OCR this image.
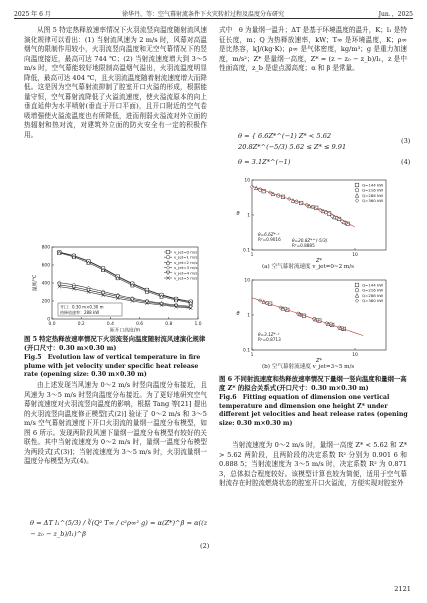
2025 年 6 月	徐华丹，等：空气幕射流条件下火灾转折过程及温度分布研究	Jun．，2025

从图 5 特定热释放速率情况下火羽流竖向温度随射流风速演化规律可以看出：(1) 当射流风速为 2 m/s 时，风幕对高温烟气的限制作用较小，火羽流竖向温度和无空气幕情况下的竖向温度接近，最高可达 744 ℃；(2) 当射流速度增大到 3～5 m/s 时，空气幕能较好地限制高温烟气溢出，火羽流温度明显降低，最高可达 404 ℃，且火羽流温度随着射流速度增大而降低。这是因为空气幕射流抑制了腔室开口火溢的形成，根据能量守恒，空气幕射流降低了火溢流速度，使火溢流原本的向上垂直延伸为水平喷射(垂直于开口平面)，且开口附近的空气卷吸增强使火溢流温度也有所降低，进而削弱火溢流对外立面的热辐射和热对流，对建筑外立面的防火安全有一定的积极作用。

0
200
400
600
800
0.0	0.2	0.4	0.6	0.8	1.0
温度/℃
距开口高度/m
v_jet=0 m/s
v_jet=1 m/s
v_jet=2 m/s
v_jet=3 m/s
v_jet=4 m/s
v_jet=5 m/s
开口：0.30 m×0.30 m
热释放速率：288 kW
图 5 特定热释放速率情况下火羽流竖向温度随射流风速演化规律(开口尺寸：0.30 m×0.30 m)
Fig.5　Evolution law of vertical temperature in fire plume with jet velocity under specific heat release rate (opening size: 0.30 m×0.30 m)

由上述发现当风速为 0～2 m/s 时竖向温度分布接近，且风速为 3～5 m/s 时竖向温度分布接近。为了更好地研究空气幕射流速度对火羽流竖向温度的影响，根据 Tang 等[21] 提出的火羽流竖向温度修正模型[式(2)] 验证了 0～2 m/s 和 3～5 m/s 空气幕射流速度下开口火羽流的量纲一温度分布模型，如图 6 所示。发现两阶段风速下量纲一温度分布模型有较好的关联性。其中当射流速度为 0～2 m/s 时，量纲一温度分布模型为两段式[式(3)]；当射流速度为 3～5 m/s 时，火羽流量纲一温度分布模型为式(4)。

θ = ΔT l₁^(5/3) / ∛(Q² T∞ / c²ρ∞² g) = α(Z*)^β = α((z − z₀ − z_b)/l₁)^β
(2)

式中　θ 为量纲一温升；ΔT 是基于环境温度的温升，K；l₁ 是特征长度，m；Q 为热释放速率，kW；T∞ 是环境温度，K；ρ∞ 是比热容，kJ/(kg·K)；ρ∞ 是气体密度，kg/m³；g 是重力加速度，m/s²；Z* 是量纲一高度，Z* = (z − z₀ − z_b)/l₁，z 是中性面高度，z_b 是虚点源高度；α 和 β 是常量。

θ = { 6.6Z*^(−1) Z* < 5.62
20.8Z*^(−5/3) 5.62 ≤ Z* ≤ 9.91
(3)
θ = 3.1Z*^(−1)	(4)
0.1
1
10
1	10
θ
Z*
θ=6.6Z*⁻¹
R²=0.9016	θ=20.8Z*^(-5/3)
R²=0.8885
Q=144 kW
Q=216 kW
Q=288 kW
Q=360 kW
(a) 空气幕射流速度 v_jet=0~2 m/s
0.1
1
10
1	10
θ
Z*
θ=3.1Z*⁻¹
R²=0.8713
Q=144 kW
Q=216 kW
Q=288 kW
Q=360 kW
(b) 空气幕射流速度 v_jet=3~5 m/s
图 6 不同射流速度和热释放速率情况下量纲一竖向温度和量纲一高度 Z* 的拟合关系式(开口尺寸：0.30 m×0.30 m)
Fig.6　Fitting equation of dimension one vertical temperature and dimension one height Z* under different jet velocities and heat release rates (opening size: 0.30 m×0.30 m)

当射流速度为 0～2 m/s 时，量纲一高度 Z* < 5.62 和 Z* > 5.62 两阶段，且两阶段的决定系数 R² 分别为 0.901 6 和 0.888 5；当射流速度为 3～5 m/s 时，决定系数 R² 为 0.871 3，总体拟合程度较好。该模型计算也较为简便，适用于空气幕射流存在时腔流燃烧状态的腔室开口火溢流，方便实现对腔室外

2121
